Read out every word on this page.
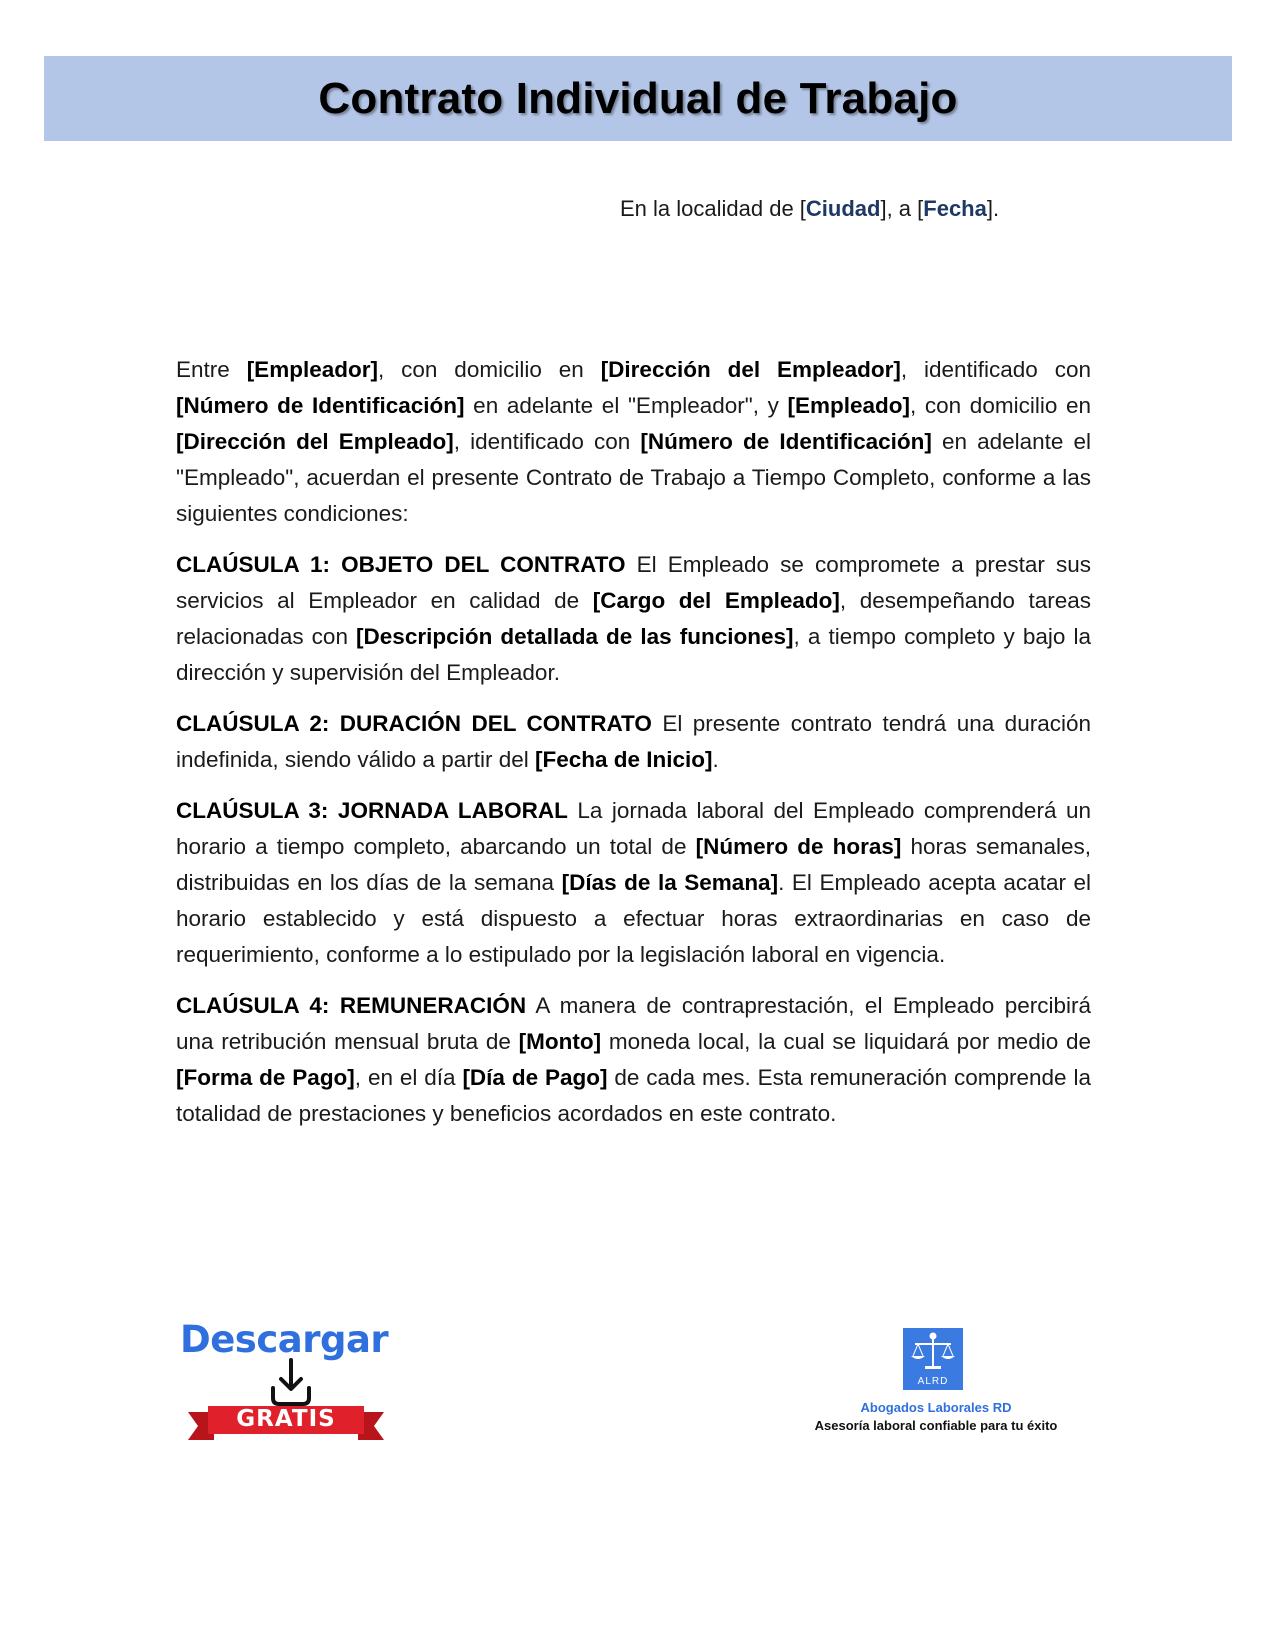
Contrato Individual de Trabajo
En la localidad de [Ciudad], a [Fecha].

Entre [Empleador], con domicilio en [Dirección del Empleador], identificado con [Número de Identificación] en adelante el "Empleador", y [Empleado], con domicilio en [Dirección del Empleado], identificado con [Número de Identificación] en adelante el "Empleado", acuerdan el presente Contrato de Trabajo a Tiempo Completo, conforme a las siguientes condiciones:

CLAÚSULA 1: OBJETO DEL CONTRATO El Empleado se compromete a prestar sus servicios al Empleador en calidad de [Cargo del Empleado], desempeñando tareas relacionadas con [Descripción detallada de las funciones], a tiempo completo y bajo la dirección y supervisión del Empleador.

CLAÚSULA 2: DURACIÓN DEL CONTRATO El presente contrato tendrá una duración indefinida, siendo válido a partir del [Fecha de Inicio].

CLAÚSULA 3: JORNADA LABORAL La jornada laboral del Empleado comprenderá un horario a tiempo completo, abarcando un total de [Número de horas] horas semanales, distribuidas en los días de la semana [Días de la Semana]. El Empleado acepta acatar el horario establecido y está dispuesto a efectuar horas extraordinarias en caso de requerimiento, conforme a lo estipulado por la legislación laboral en vigencia.

CLAÚSULA 4: REMUNERACIÓN A manera de contraprestación, el Empleado percibirá una retribución mensual bruta de [Monto] moneda local, la cual se liquidará por medio de [Forma de Pago], en el día [Día de Pago] de cada mes. Esta remuneración comprende la totalidad de prestaciones y beneficios acordados en este contrato.

Descargar
GRATIS
ALRD
Abogados Laborales RD
Asesoría laboral confiable para tu éxito
